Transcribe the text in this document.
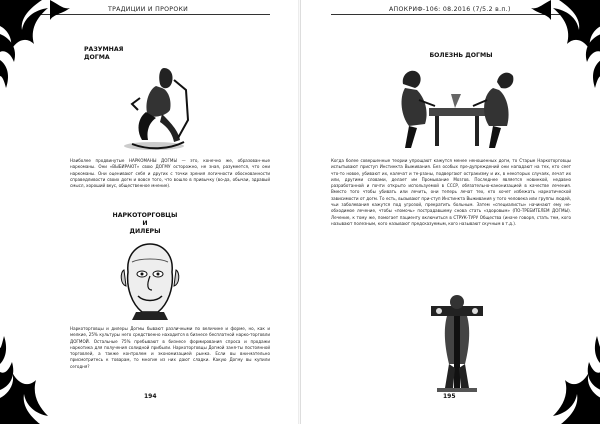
ТРАДИЦИИ И ПРОРОКИ
РАЗУМНАЯ ДОГМА
Наиболее продвинутые НАРКОМАНЫ ДОГМЫ — это, конечно же, образован-ные наркоманы. Они «ВЫБИРАЮТ» свою ДОГМУ осторожно, не зная, разумеется, что они наркоманы. Они оценивают себя и других с точки зрения логичности обоснованности справедливости своих догм и вовсе того, что вошло в привычку (во-да, обычаи, здравый смысл, хороший вкус, общественное мнение).
НАРКОТОРГОВЦЫ
И
ДИЛЕРЫ
Наркоторговцы и дилеры Догмы бывают различными по величине и форме, но, как и мелкие, 25% культуры него средственно находится в бизнесе бесплатной нарко-торговли ДОГМОЙ. Остальные 75% пребывают в бизнесе формирования спроса и продажи наркотика для получения солидной прибыли. Наркоторговцы Догмой заня-ты постоянной торговлей, а также контролем и экономизацией рынка. Если вы вни-мательно присмотритесь к товарам, то многие из них дают сладки. Какую Догму вы купили сегодня?
194
АПОКРИФ-106: 08.2016 (7/5.2 в.п.)
БОЛЕЗНЬ ДОГМЫ
Когда более совершенные теории упрощают кажутся менее неношенных догм, то Старые Наркоторговцы испытывают приступ Инстинкта Выживания. Без особых пре-дупреждений они нападают на тех, кто сеет что-то новое, убивают их, калечат и те-рзаны, подвергают остракизму и их, в некоторых случаях, лечат их или, другими словами, делает им Промывание Мозгов. Последнее является новинкой, недавно разработанной и почти открыто используемой в СССР, обязательно-канонизацией в качестве лечения. Вместо того чтобы убивать или лечить, они теперь лечат тех, кто хочет избежать наркотической зависимости от догм. То есть, вызывают при-ступ Инстинкта Выживания у того человека или группы людей, чьи заболевания кажутся под угрозой, прекратить больным. Затем «специалисты» начинают ему не-обходимое лечение, чтобы «помочь» пострадавшему снова стать «здоровым» (ПО-ТРЕБИТЕЛЕМ ДОГМЫ). Лечение, к тому же, помогает пациенту включиться в СТРУК-ТУРУ Общества (иначе говоря, стать тем, кого называют полезным, кого называют предсказуемым, кого называют скучным в т.д.).
195
